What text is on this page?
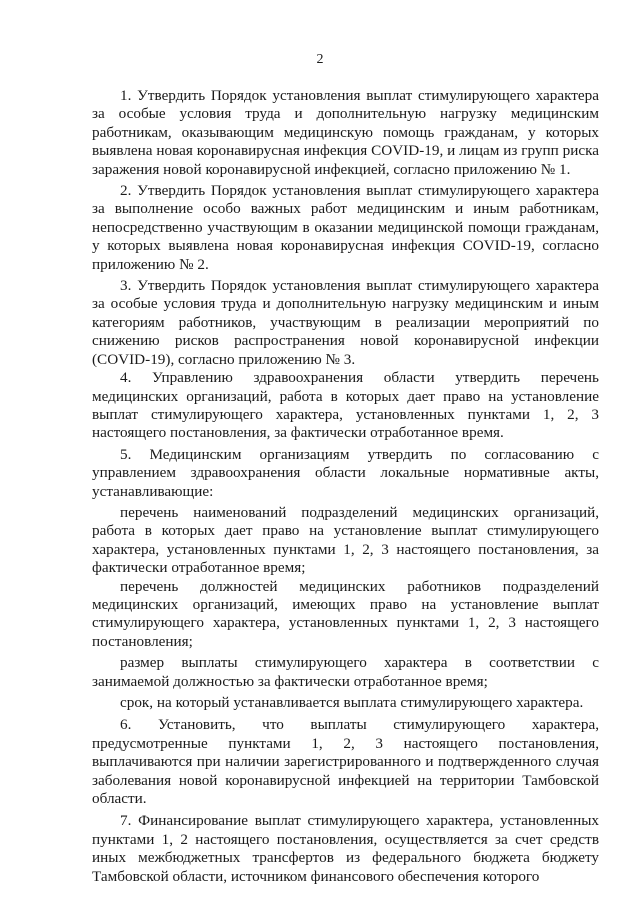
2

1. Утвердить Порядок установления выплат стимулирующего характера за особые условия труда и дополнительную нагрузку медицинским работникам, оказывающим медицинскую помощь гражданам, у которых выявлена новая коронавирусная инфекция COVID-19, и лицам из групп риска заражения новой коронавирусной инфекцией, согласно приложению № 1.

2. Утвердить Порядок установления выплат стимулирующего характера за выполнение особо важных работ медицинским и иным работникам, непосредственно участвующим в оказании медицинской помощи гражданам, у которых выявлена новая коронавирусная инфекция COVID-19, согласно приложению № 2.

3. Утвердить Порядок установления выплат стимулирующего характера за особые условия труда и дополнительную нагрузку медицинским и иным категориям работников, участвующим в реализации мероприятий по снижению рисков распространения новой коронавирусной инфекции (COVID-19), согласно приложению № 3.

4. Управлению здравоохранения области утвердить перечень медицинских организаций, работа в которых дает право на установление выплат стимулирующего характера, установленных пунктами 1, 2, 3 настоящего постановления, за фактически отработанное время.

5. Медицинским организациям утвердить по согласованию с управлением здравоохранения области локальные нормативные акты, устанавливающие:

перечень наименований подразделений медицинских организаций, работа в которых дает право на установление выплат стимулирующего характера, установленных пунктами 1, 2, 3 настоящего постановления, за фактически отработанное время;

перечень должностей медицинских работников подразделений медицинских организаций, имеющих право на установление выплат стимулирующего характера, установленных пунктами 1, 2, 3 настоящего постановления;

размер выплаты стимулирующего характера в соответствии с занимаемой должностью за фактически отработанное время;

срок, на который устанавливается выплата стимулирующего характера.

6. Установить, что выплаты стимулирующего характера, предусмотренные пунктами 1, 2, 3 настоящего постановления, выплачиваются при наличии зарегистрированного и подтвержденного случая заболевания новой коронавирусной инфекцией на территории Тамбовской области.

7. Финансирование выплат стимулирующего характера, установленных пунктами 1, 2 настоящего постановления, осуществляется за счет средств иных межбюджетных трансфертов из федерального бюджета бюджету Тамбовской области, источником финансового обеспечения которого
